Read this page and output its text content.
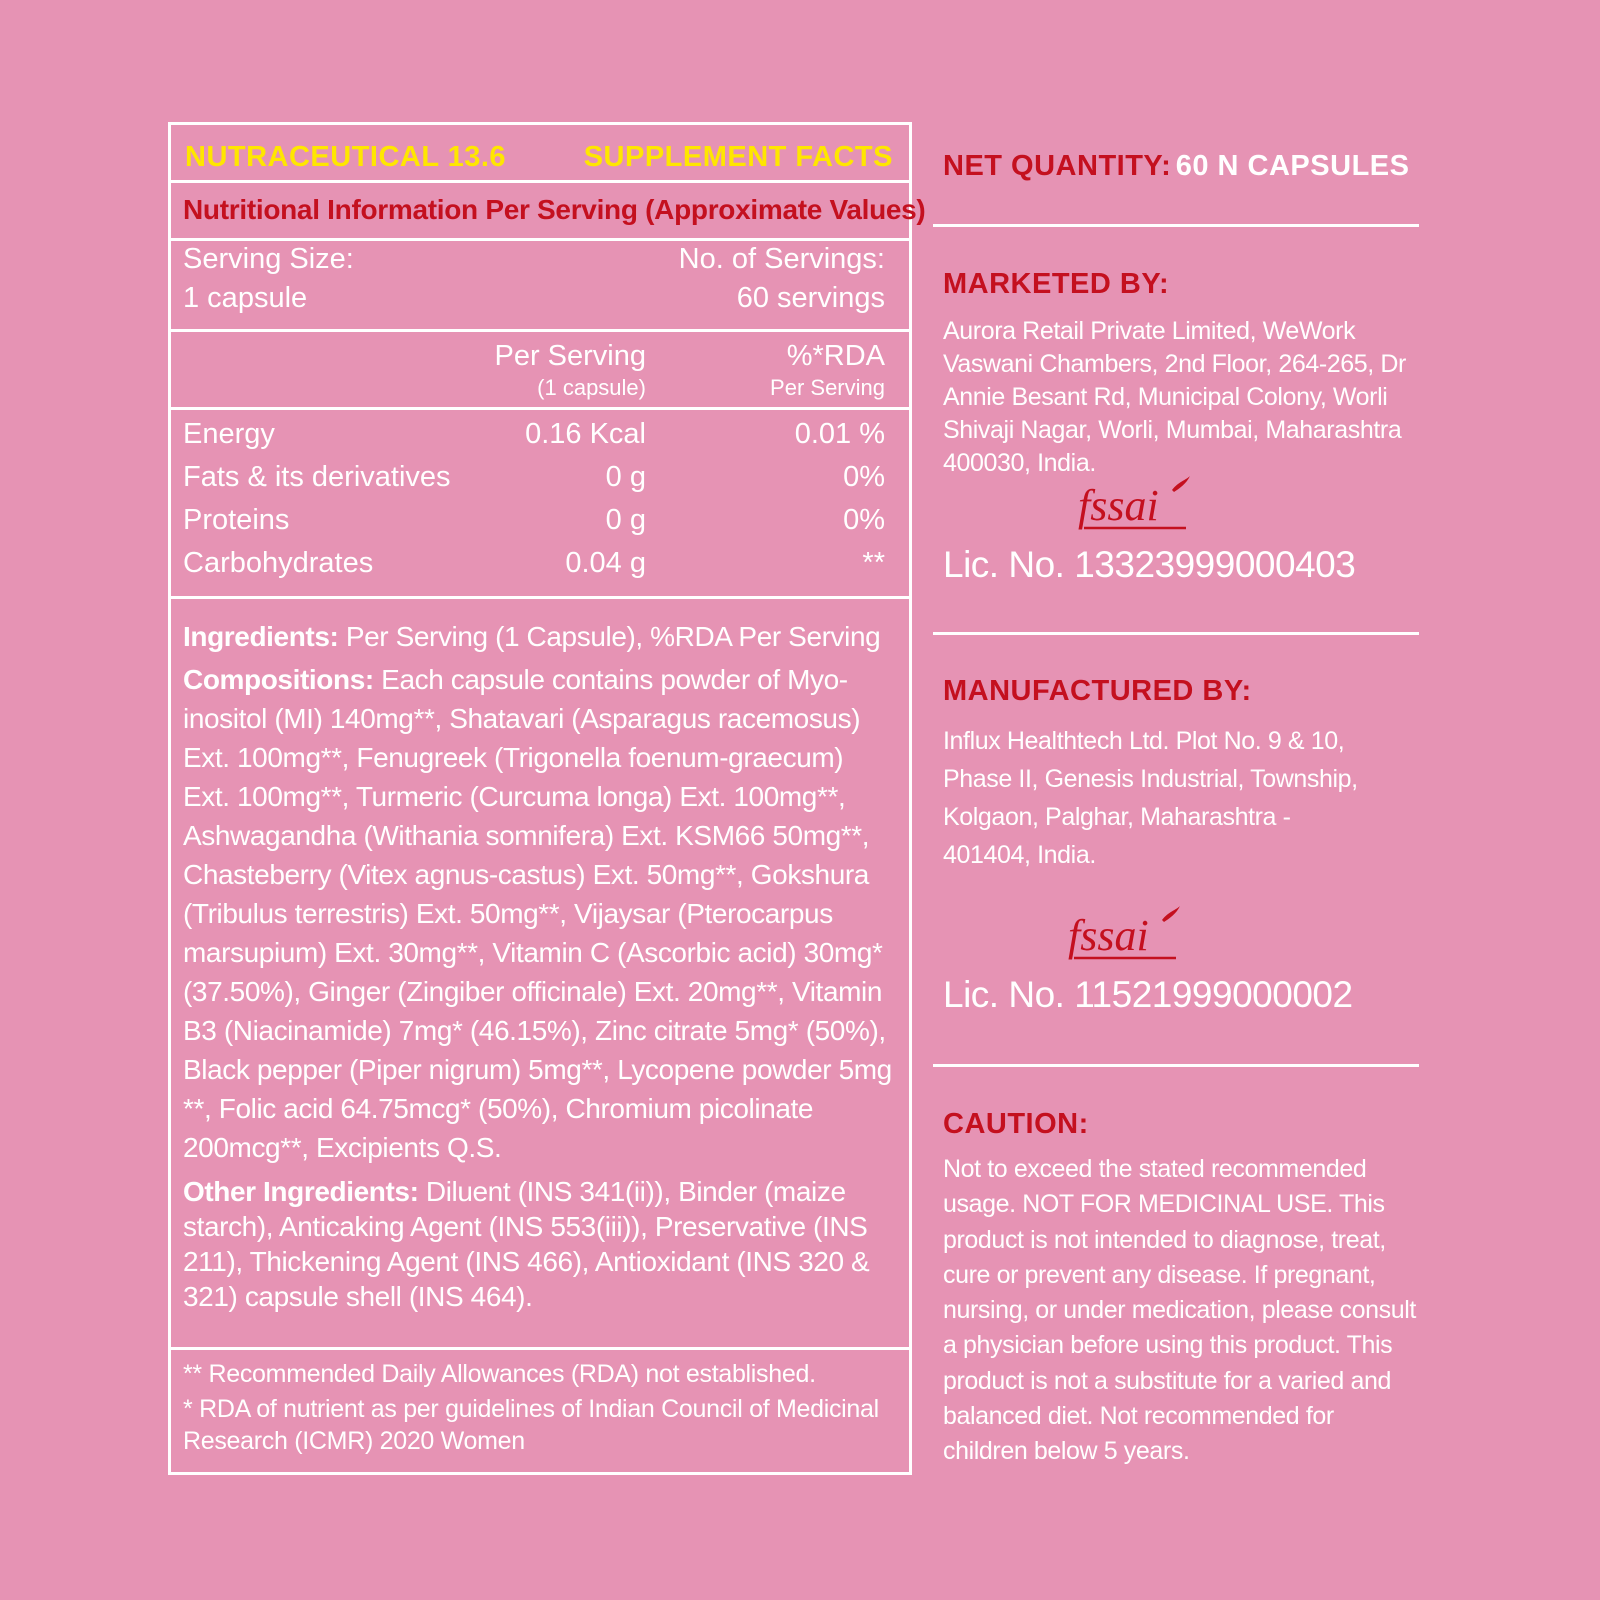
NUTRACEUTICAL 13.6	SUPPLEMENT FACTS
Nutritional Information Per Serving (Approximate Values)
Serving Size:
1 capsule
No. of Servings:
60 servings
Per Serving
(1 capsule)
%*RDA
Per Serving
Energy	0.16 Kcal	0.01 %
Fats & its derivatives	0 g	0%
Proteins	0 g	0%
Carbohydrates	0.04 g	**

Ingredients: Per Serving (1 Capsule), %RDA Per Serving

Compositions: Each capsule contains powder of Myo-inositol (MI) 140mg**, Shatavari (Asparagus racemosus) Ext. 100mg**, Fenugreek (Trigonella foenum-graecum) Ext. 100mg**, Turmeric (Curcuma longa) Ext. 100mg**, Ashwagandha (Withania somnifera) Ext. KSM66 50mg**, Chasteberry (Vitex agnus-castus) Ext. 50mg**, Gokshura (Tribulus terrestris) Ext. 50mg**, Vijaysar (Pterocarpus marsupium) Ext. 30mg**, Vitamin C (Ascorbic acid) 30mg* (37.50%), Ginger (Zingiber officinale) Ext. 20mg**, Vitamin B3 (Niacinamide) 7mg* (46.15%), Zinc citrate 5mg* (50%), Black pepper (Piper nigrum) 5mg**, Lycopene powder 5mg **, Folic acid 64.75mcg* (50%), Chromium picolinate 200mcg**, Excipients Q.S.

Other Ingredients: Diluent (INS 341(ii)), Binder (maize starch), Anticaking Agent (INS 553(iii)), Preservative (INS 211), Thickening Agent (INS 466), Antioxidant (INS 320 & 321) capsule shell (INS 464).

** Recommended Daily Allowances (RDA) not established.
* RDA of nutrient as per guidelines of Indian Council of Medicinal Research (ICMR) 2020 Women
NET QUANTITY: 60 N CAPSULES
MARKETED BY:
Aurora Retail Private Limited, WeWork Vaswani Chambers, 2nd Floor, 264-265, Dr Annie Besant Rd, Municipal Colony, Worli Shivaji Nagar, Worli, Mumbai, Maharashtra 400030, India.
fssai
Lic. No. 13323999000403
MANUFACTURED BY:
Influx Healthtech Ltd. Plot No. 9 & 10, Phase II, Genesis Industrial, Township, Kolgaon, Palghar, Maharashtra - 401404, India.
fssai
Lic. No. 11521999000002
CAUTION:
Not to exceed the stated recommended usage. NOT FOR MEDICINAL USE. This product is not intended to diagnose, treat, cure or prevent any disease. If pregnant, nursing, or under medication, please consult a physician before using this product. This product is not a substitute for a varied and balanced diet. Not recommended for children below 5 years.
